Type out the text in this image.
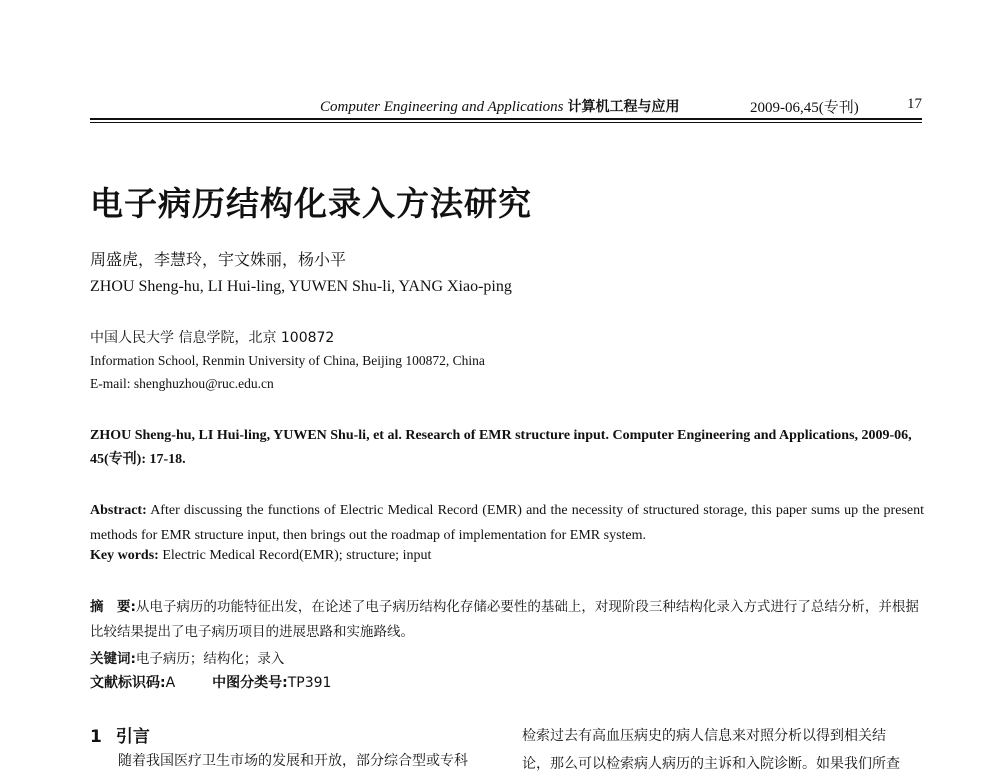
Computer Engineering and Applications 计算机工程与应用	2009-06,45(专刊)	17
电子病历结构化录入方法研究
周盛虎，李慧玲，宇文姝丽，杨小平
ZHOU Sheng-hu, LI Hui-ling, YUWEN Shu-li, YANG Xiao-ping
中国人民大学 信息学院，北京 100872
Information School, Renmin University of China, Beijing 100872, China
E-mail: shenghuzhou@ruc.edu.cn
ZHOU Sheng-hu, LI Hui-ling, YUWEN Shu-li, et al. Research of EMR structure input. Computer Engineering and Applications, 2009-06, 45(专刊): 17-18.
Abstract: After discussing the functions of Electric Medical Record (EMR) and the necessity of structured storage, this paper sums up the present methods for EMR structure input, then brings out the roadmap of implementation for EMR system.
Key words: Electric Medical Record(EMR); structure; input
摘　要:从电子病历的功能特征出发，在论述了电子病历结构化存储必要性的基础上，对现阶段三种结构化录入方式进行了总结分析，并根据比较结果提出了电子病历项目的进展思路和实施路线。
关键词:电子病历；结构化；录入
文献标识码:A	中图分类号:TP391
1 引言
随着我国医疗卫生市场的发展和开放，部分综合型或专科
检索过去有高血压病史的病人信息来对照分析以得到相关结
论，那么可以检索病人病历的主诉和入院诊断。如果我们所查
